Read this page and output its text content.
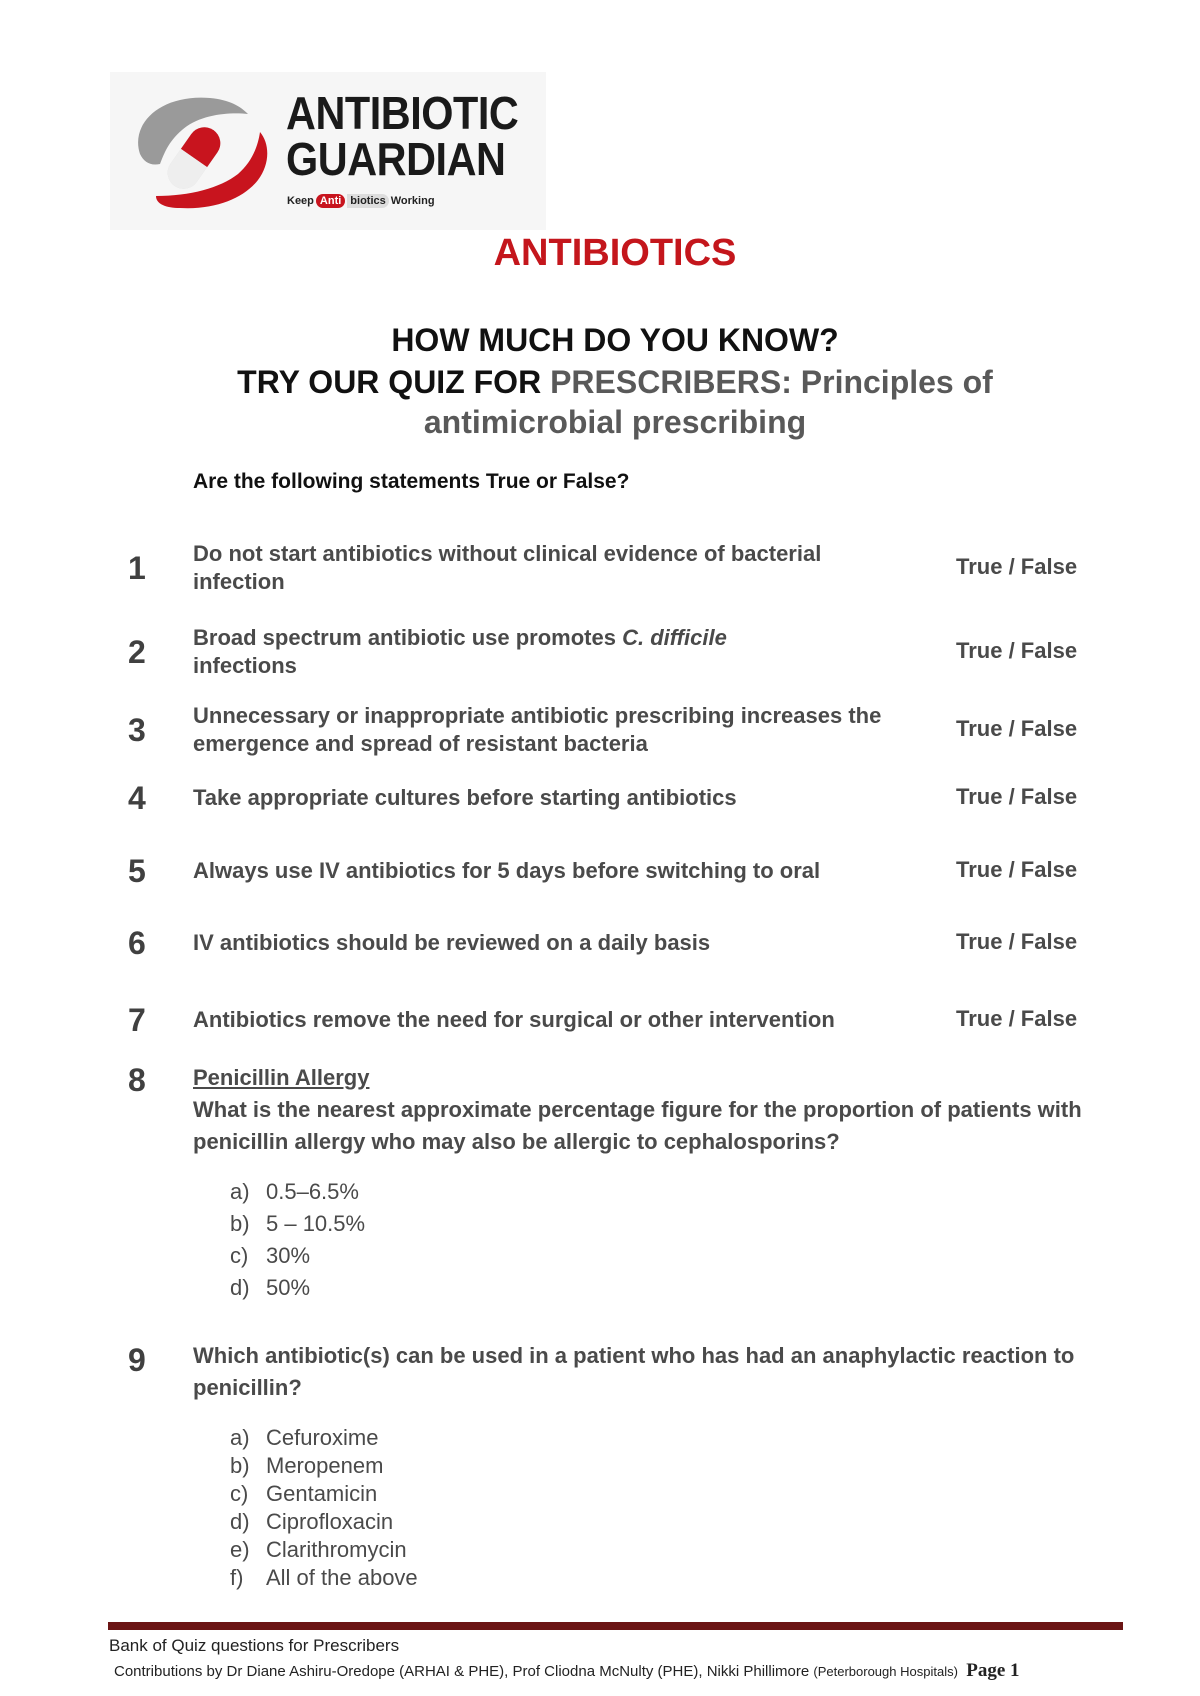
ANTIBIOTIC
GUARDIAN
Keep Anti biotics Working
ANTIBIOTICS
HOW MUCH DO YOU KNOW?
TRY OUR QUIZ FOR PRESCRIBERS: Principles of
antimicrobial prescribing
Are the following statements True or False?
1 Do not start antibiotics without clinical evidence of bacterial infection
True / False
2 Broad spectrum antibiotic use promotes C. difficile infections
True / False
3 Unnecessary or inappropriate antibiotic prescribing increases the emergence and spread of resistant bacteria
True / False
4 Take appropriate cultures before starting antibiotics	True / False
5 Always use IV antibiotics for 5 days before switching to oral	True / False
6 IV antibiotics should be reviewed on a daily basis	True / False
7 Antibiotics remove the need for surgical or other intervention	True / False
8 Penicillin Allergy
What is the nearest approximate percentage figure for the proportion of patients with penicillin allergy who may also be allergic to cephalosporins?
a) 0.5–6.5%
b) 5 – 10.5%
c) 30%
d) 50%
9 Which antibiotic(s) can be used in a patient who has had an anaphylactic reaction to penicillin?
a) Cefuroxime
b) Meropenem
c) Gentamicin
d) Ciprofloxacin
e) Clarithromycin
f)	All of the above
Bank of Quiz questions for Prescribers
Contributions by Dr Diane Ashiru-Oredope (ARHAI & PHE), Prof Cliodna McNulty (PHE), Nikki Phillimore (Peterborough Hospitals) Page 1
